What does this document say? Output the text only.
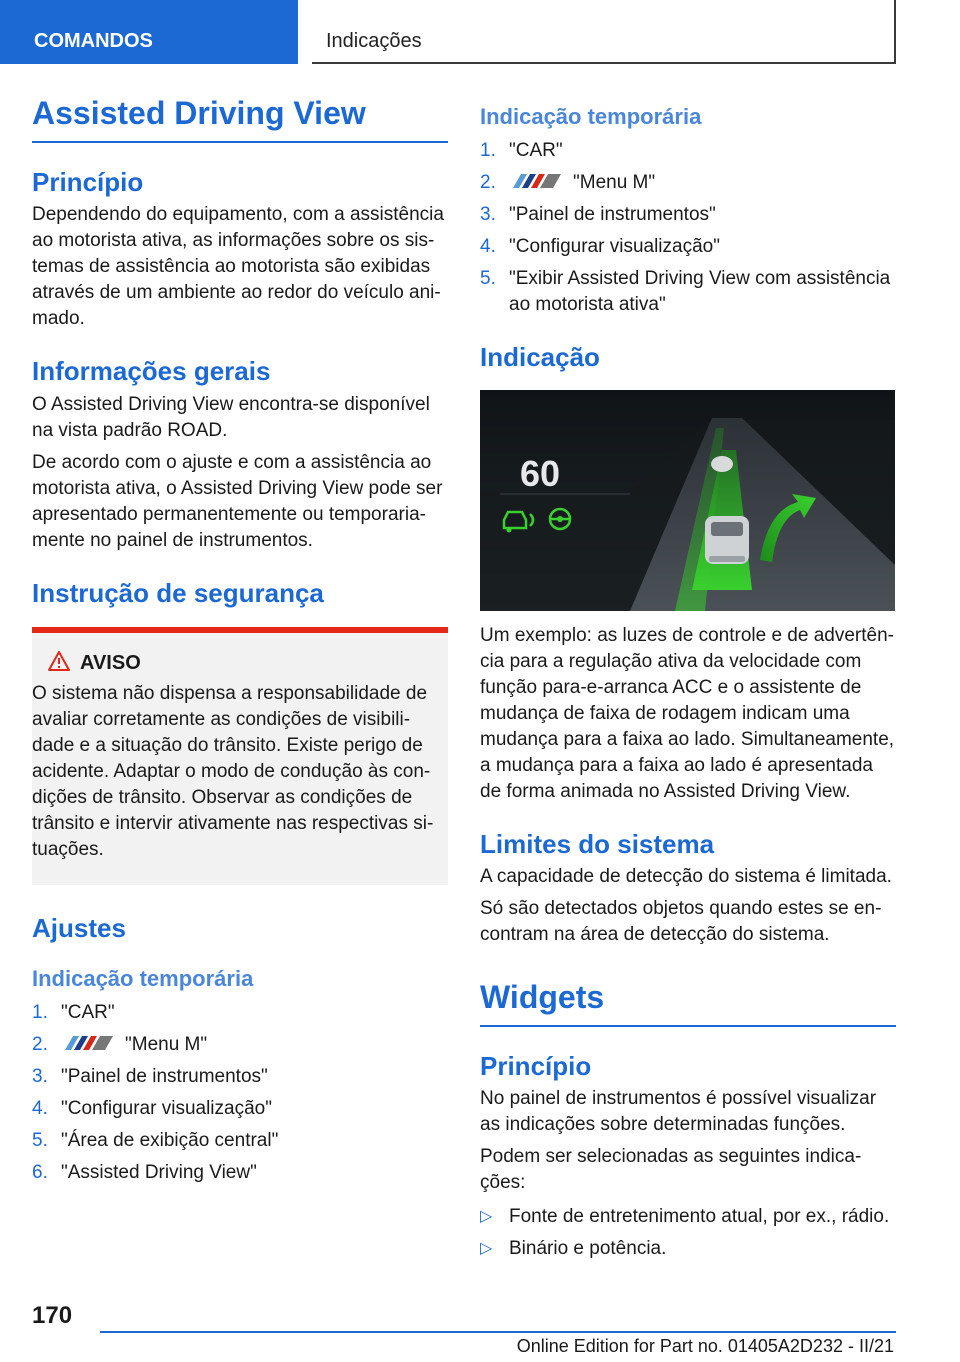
COMANDOS	Indicações
Assisted Driving View
Princípio

Dependendo do equipamento, com a assistência ao motorista ativa, as informações sobre os sistemas de assistência ao motorista são exibidas através de um ambiente ao redor do veículo animado.

Informações gerais

O Assisted Driving View encontra-se disponível na vista padrão ROAD.

De acordo com o ajuste e com a assistência ao motorista ativa, o Assisted Driving View pode ser apresentado permanentemente ou temporariamente no painel de instrumentos.

Instrução de segurança
AVISO

O sistema não dispensa a responsabilidade de avaliar corretamente as condições de visibilidade e a situação do trânsito. Existe perigo de acidente. Adaptar o modo de condução às condições de trânsito. Observar as condições de trânsito e intervir ativamente nas respectivas situações.

Ajustes
Indicação temporária
1. "CAR"
2.	"Menu M"
3. "Painel de instrumentos"
4. "Configurar visualização"
5. "Área de exibição central"
6. "Assisted Driving View"
Indicação temporária
1. "CAR"
2.	"Menu M"
3. "Painel de instrumentos"
4. "Configurar visualização"
5. "Exibir Assisted Driving View com assistência ao motorista ativa"
Indicação
60

Um exemplo: as luzes de controle e de advertência para a regulação ativa da velocidade com função para-e-arranca ACC e o assistente de mudança de faixa de rodagem indicam uma mudança para a faixa ao lado. Simultaneamente, a mudança para a faixa ao lado é apresentada de forma animada no Assisted Driving View.

Limites do sistema

A capacidade de detecção do sistema é limitada.

Só são detectados objetos quando estes se encontram na área de detecção do sistema.

Widgets
Princípio

No painel de instrumentos é possível visualizar as indicações sobre determinadas funções.

Podem ser selecionadas as seguintes indicações:

▷ Fonte de entretenimento atual, por ex., rádio.
▷ Binário e potência.
170
Online Edition for Part no. 01405A2D232 - II/21
